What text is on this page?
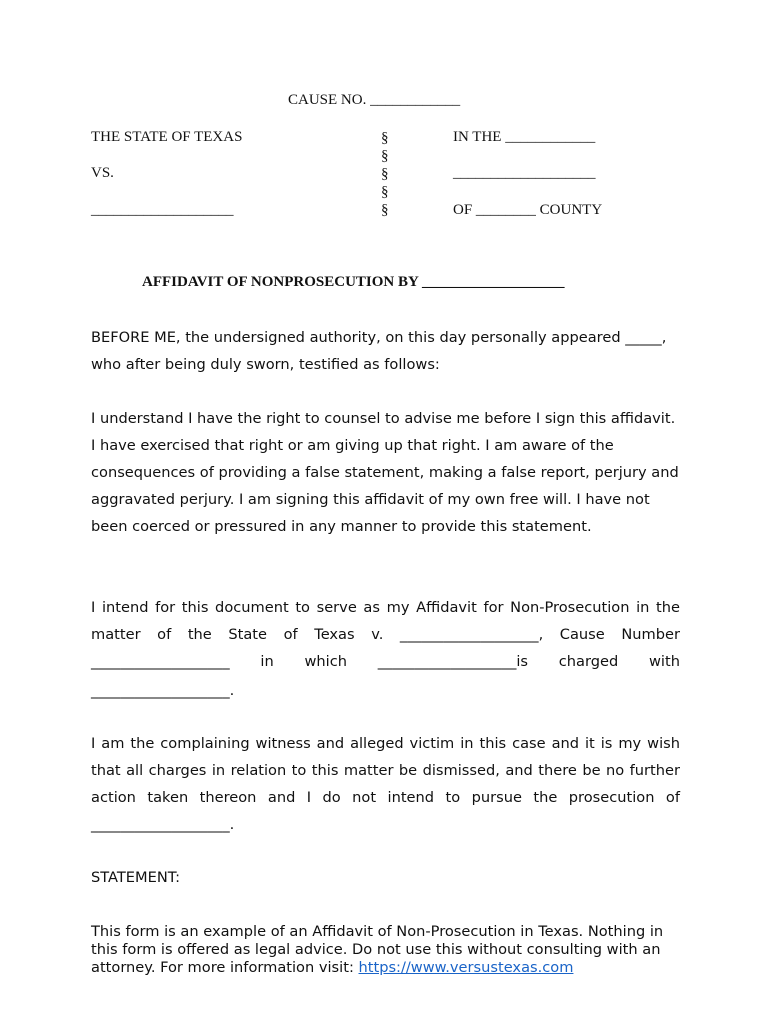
CAUSE NO. ____________
THE STATE OF TEXAS
VS.
___________________
§
§
§
§
§
IN THE ____________
___________________
OF ________ COUNTY
AFFIDAVIT OF NONPROSECUTION BY ___________________
BEFORE ME, the undersigned authority, on this day personally appeared _____, who after being duly sworn, testified as follows:
I understand I have the right to counsel to advise me before I sign this affidavit. I have exercised that right or am giving up that right. I am aware of the consequences of providing a false statement, making a false report, perjury and aggravated perjury. I am signing this affidavit of my own free will. I have not been coerced or pressured in any manner to provide this statement.
I intend for this document to serve as my Affidavit for Non-Prosecution in the matter of the State of Texas v. ___________________, Cause Number
___________________ in which ___________________is charged with
___________________.
I am the complaining witness and alleged victim in this case and it is my wish that all charges in relation to this matter be dismissed, and there be no further action taken thereon and I do not intend to pursue the prosecution of ___________________.
STATEMENT:
This form is an example of an Affidavit of Non-Prosecution in Texas. Nothing in this form is offered as legal advice. Do not use this without consulting with an attorney. For more information visit: https://www.versustexas.com
